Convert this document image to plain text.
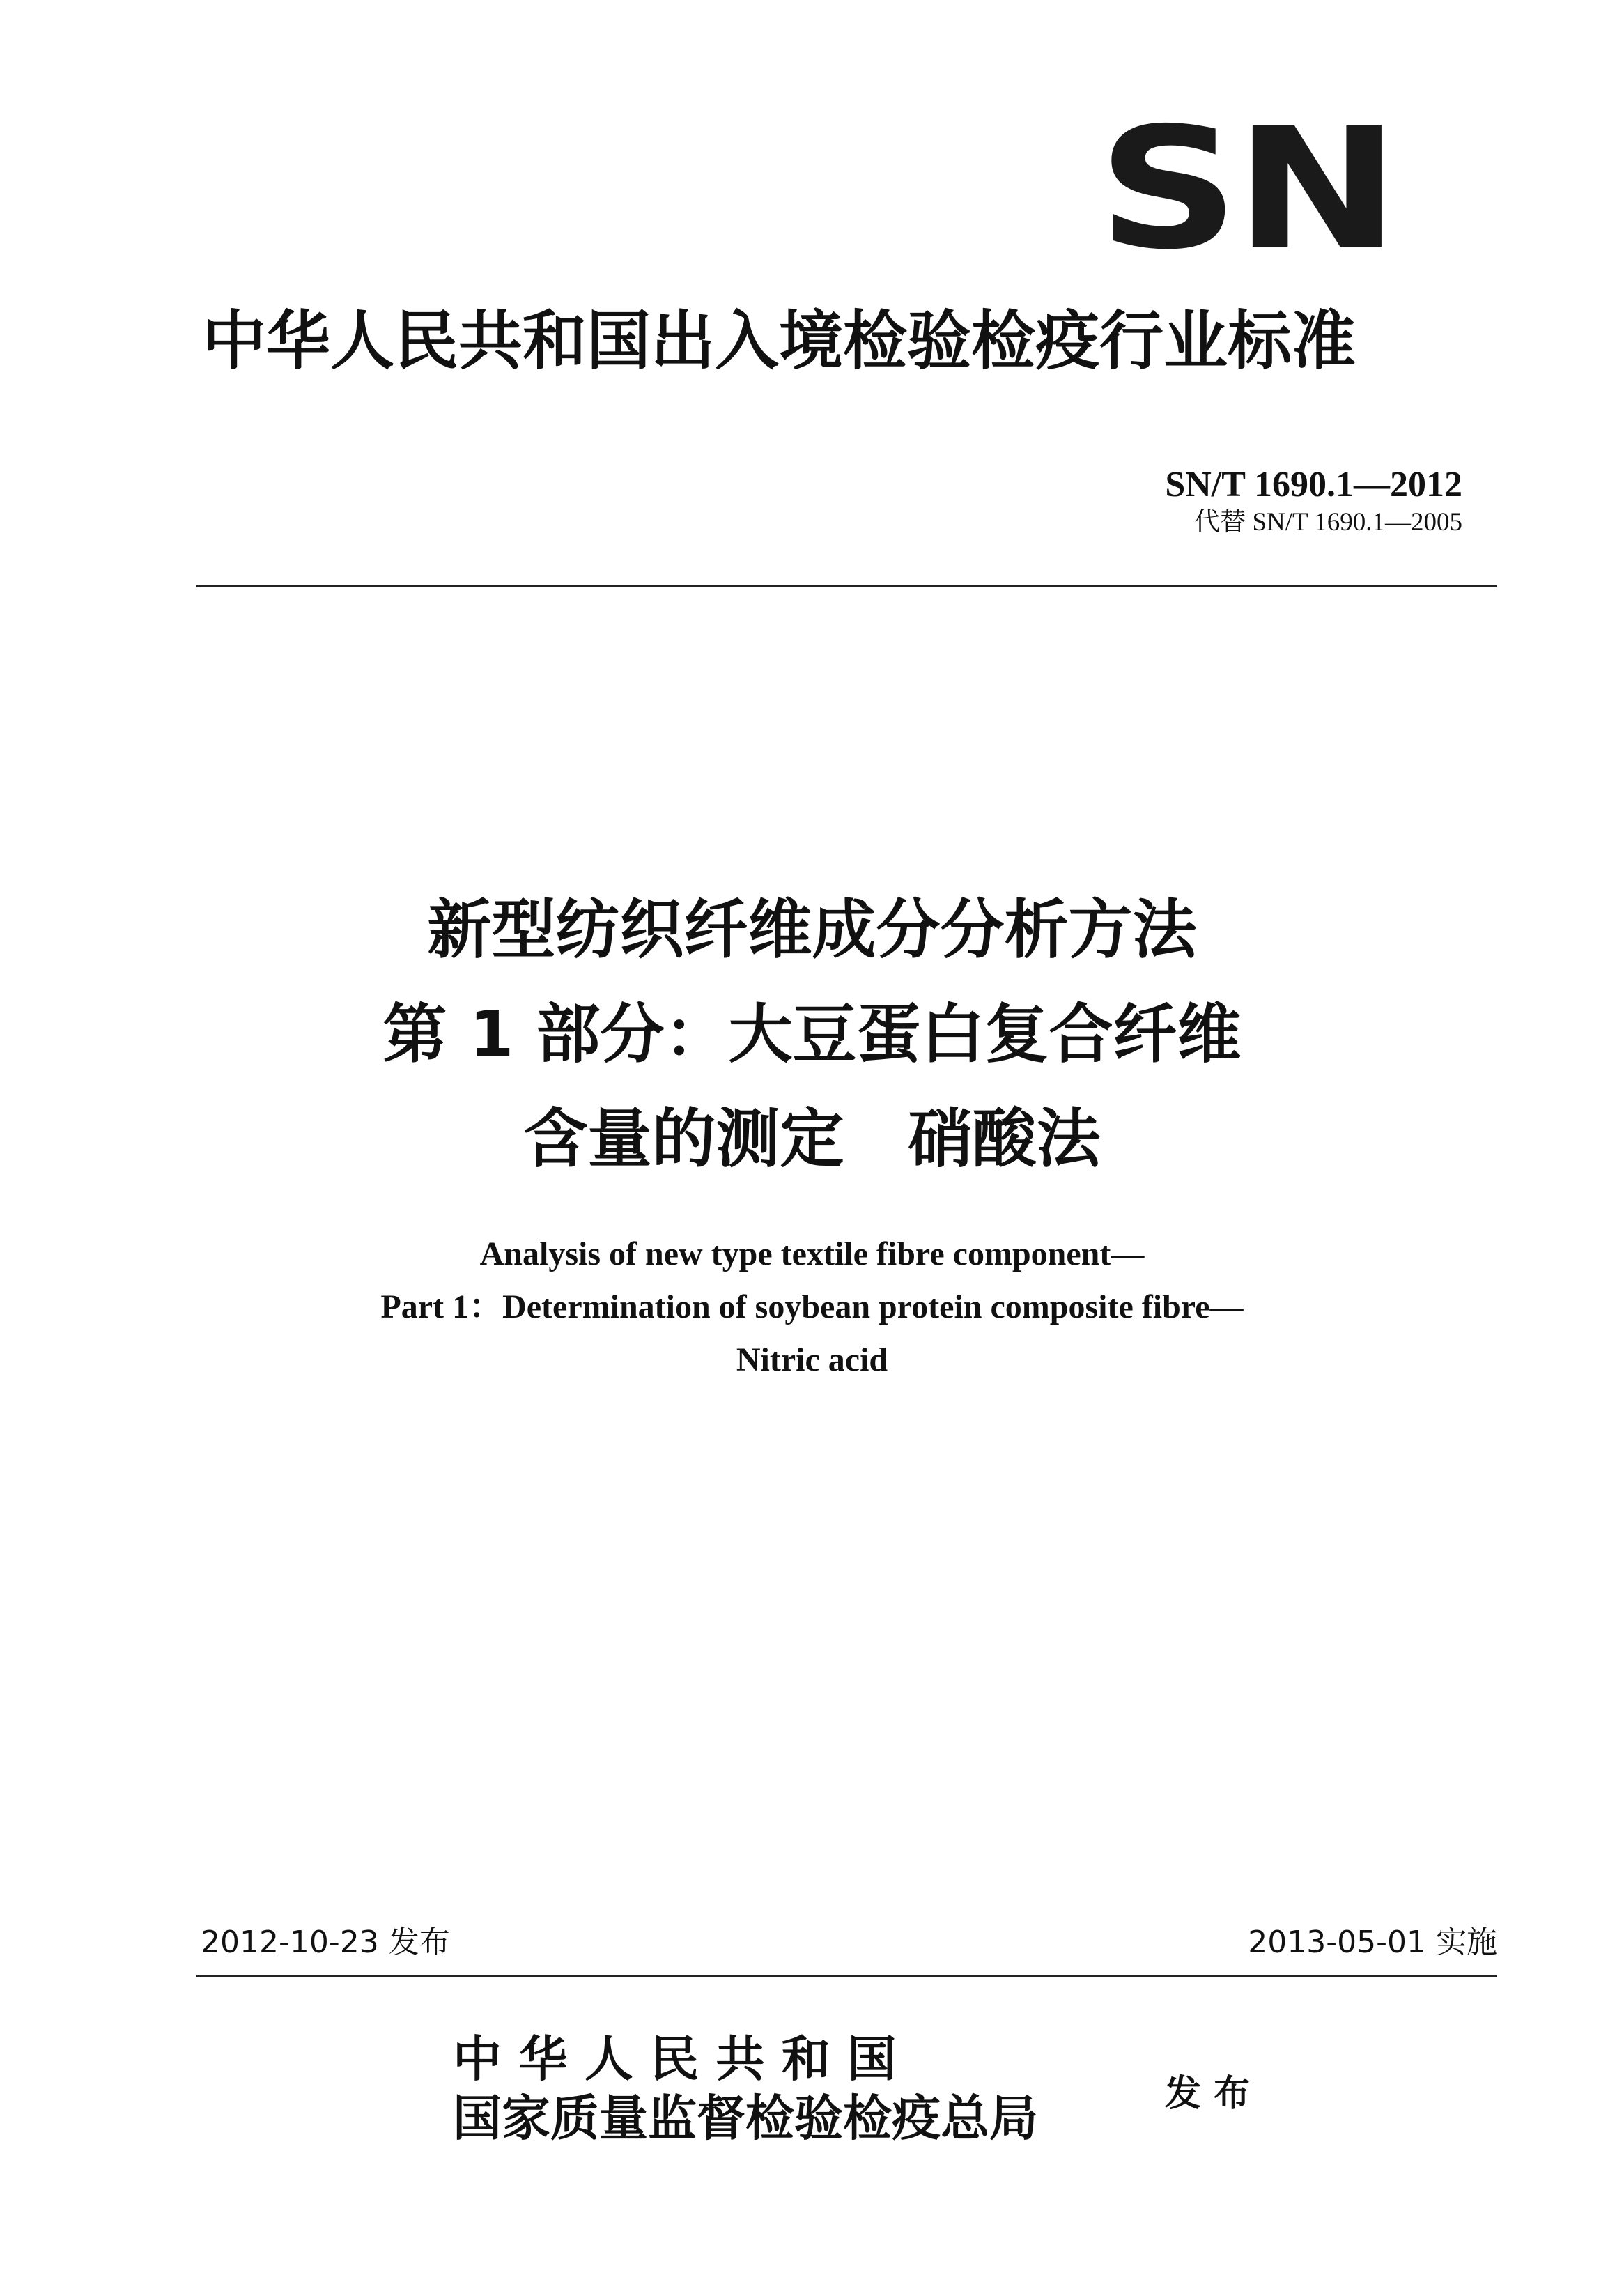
SN
中华人民共和国出入境检验检疫行业标准
SN/T 1690.1—2012
代替 SN/T 1690.1—2005
新型纺织纤维成分分析方法
第 1 部分：大豆蛋白复合纤维
含量的测定　硝酸法
Analysis of new type textile fibre component—
Part 1：Determination of soybean protein composite fibre—
Nitric acid
2012-10-23 发布	2013-05-01 实施
中 华 人 民 共 和 国
国家质量监督检验检疫总局	发布
